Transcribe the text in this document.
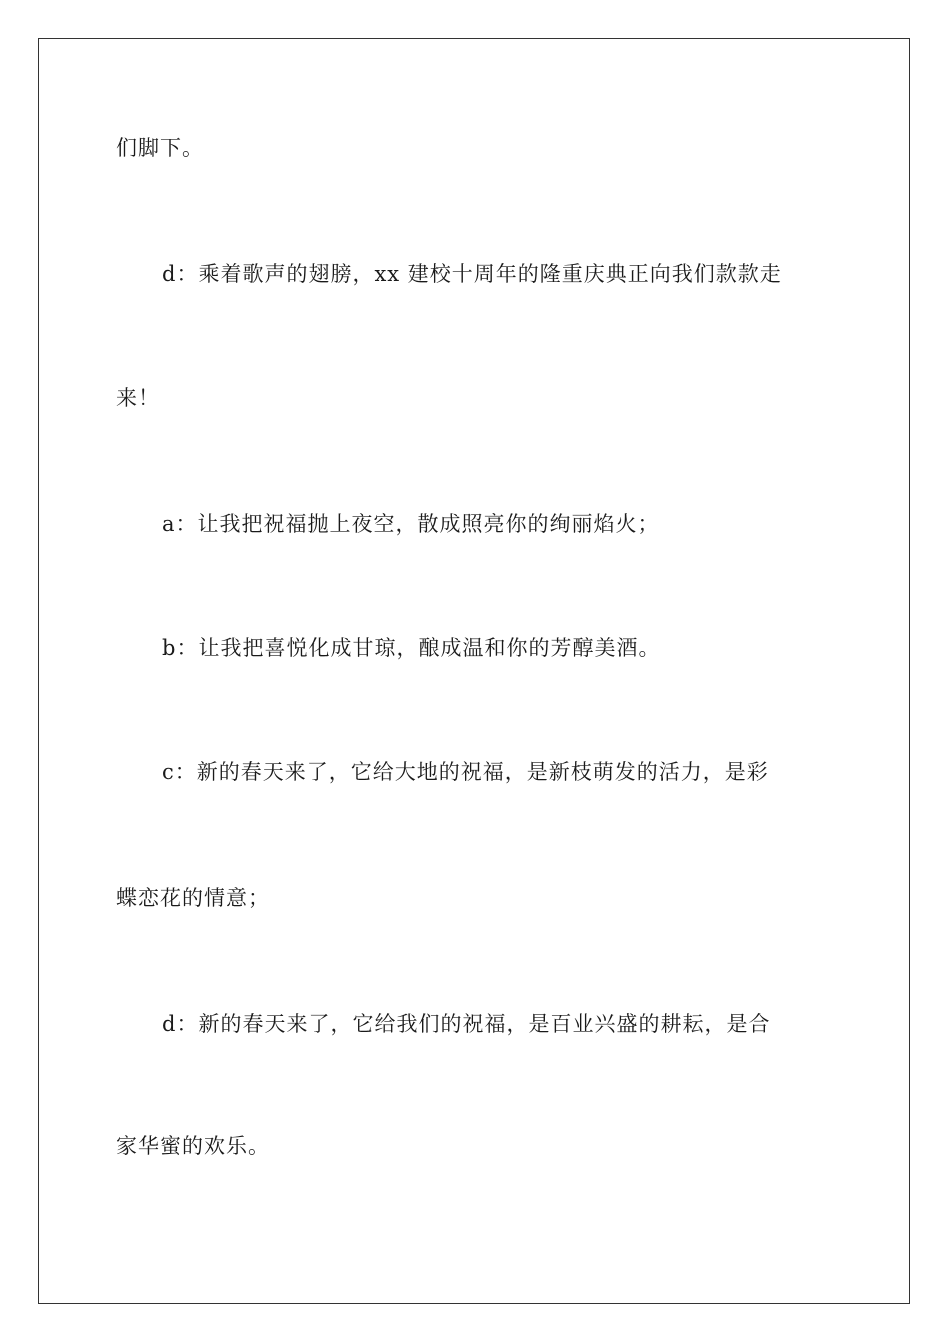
们脚下。
d：乘着歌声的翅膀，xx 建校十周年的隆重庆典正向我们款款走
来！
a：让我把祝福抛上夜空，散成照亮你的绚丽焰火；
b：让我把喜悦化成甘琼，酿成温和你的芳醇美酒。
c：新的春天来了，它给大地的祝福，是新枝萌发的活力，是彩
蝶恋花的情意；
d：新的春天来了，它给我们的祝福，是百业兴盛的耕耘，是合
家华蜜的欢乐。
